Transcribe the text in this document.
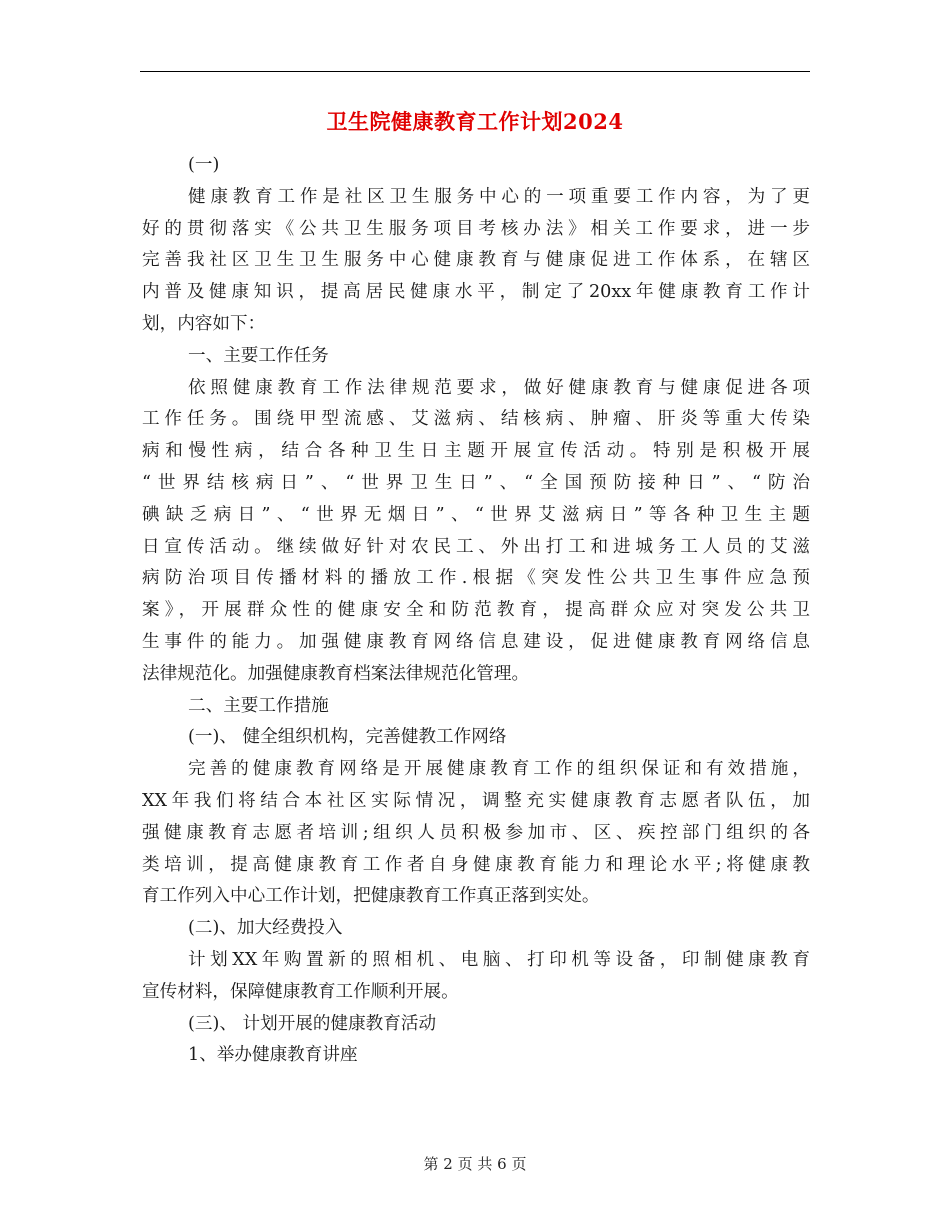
卫生院健康教育工作计划2024
(一)
健康教育工作是社区卫生服务中心的一项重要工作内容，为了更
好的贯彻落实《公共卫生服务项目考核办法》相关工作要求，进一步
完善我社区卫生卫生服务中心健康教育与健康促进工作体系，在辖区
内普及健康知识，提高居民健康水平，制定了20xx年健康教育工作计
划，内容如下：
一、主要工作任务
依照健康教育工作法律规范要求，做好健康教育与健康促进各项
工作任务。围绕甲型流感、艾滋病、结核病、肿瘤、肝炎等重大传染
病和慢性病，结合各种卫生日主题开展宣传活动。特别是积极开展
“世界结核病日”、“世界卫生日”、“全国预防接种日”、“防治
碘缺乏病日”、“世界无烟日”、“世界艾滋病日”等各种卫生主题
日宣传活动。继续做好针对农民工、外出打工和进城务工人员的艾滋
病防治项目传播材料的播放工作.根据《突发性公共卫生事件应急预
案》，开展群众性的健康安全和防范教育，提高群众应对突发公共卫
生事件的能力。加强健康教育网络信息建设，促进健康教育网络信息
法律规范化。加强健康教育档案法律规范化管理。
二、主要工作措施
(一)、 健全组织机构，完善健教工作网络
完善的健康教育网络是开展健康教育工作的组织保证和有效措施，
XX年我们将结合本社区实际情况，调整充实健康教育志愿者队伍，加
强健康教育志愿者培训;组织人员积极参加市、区、疾控部门组织的各
类培训，提高健康教育工作者自身健康教育能力和理论水平;将健康教
育工作列入中心工作计划，把健康教育工作真正落到实处。
(二)、加大经费投入
计划XX年购置新的照相机、电脑、打印机等设备，印制健康教育
宣传材料，保障健康教育工作顺利开展。
(三)、 计划开展的健康教育活动
1、举办健康教育讲座
第 2 页 共 6 页
